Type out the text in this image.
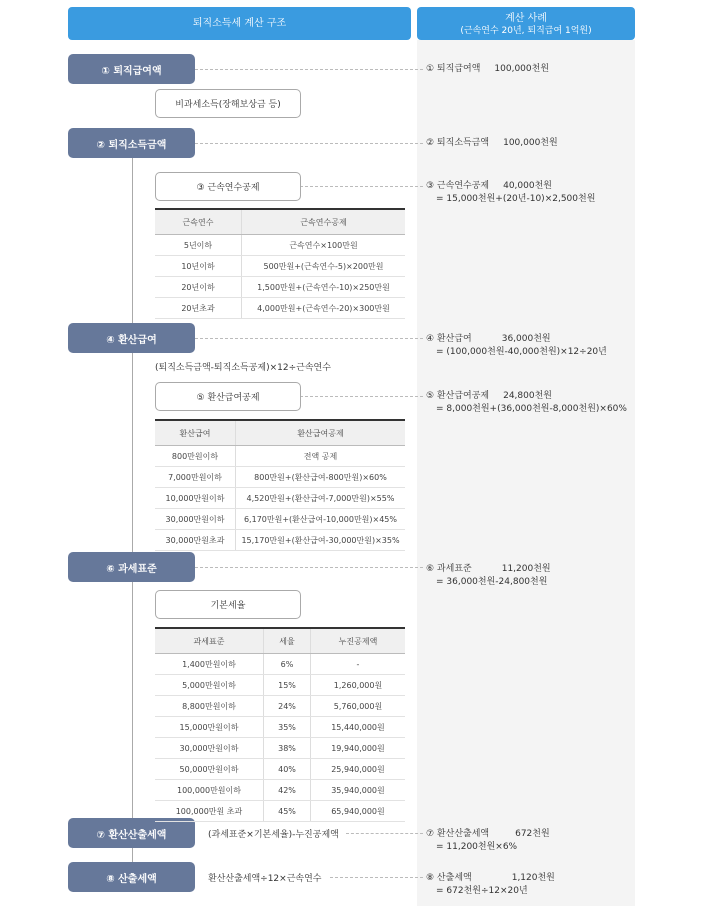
퇴직소득세 계산 구조	계산 사례
(근속연수 20년, 퇴직급여 1억원)
① 퇴직급여액
② 퇴직소득금액
④ 환산급여
⑥ 과세표준
⑦ 환산산출세액
⑧ 산출세액
비과세소득(장해보상금 등)
③ 근속연수공제
⑤ 환산급여공제
기본세율
(퇴직소득금액-퇴직소득공제)×12÷근속연수
(과세표준×기본세율)-누진공제액
환산산출세액÷12×근속연수
근속연수	근속연수공제
5년이하	근속연수×100만원
10년이하	500만원+(근속연수-5)×200만원
20년이하	1,500만원+(근속연수-10)×250만원
20년초과	4,000만원+(근속연수-20)×300만원
환산급여	환산급여공제
800만원이하	전액 공제
7,000만원이하	800만원+(환산급여-800만원)×60%
10,000만원이하	4,520만원+(환산급여-7,000만원)×55%
30,000만원이하	6,170만원+(환산급여-10,000만원)×45%
30,000만원초과	15,170만원+(환산급여-30,000만원)×35%
과세표준	세율	누진공제액
1,400만원이하	6%	-
5,000만원이하	15%	1,260,000원
8,800만원이하	24%	5,760,000원
15,000만원이하	35%	15,440,000원
30,000만원이하	38%	19,940,000원
50,000만원이하	40%	25,940,000원
100,000만원이하	42%	35,940,000원
100,000만원 초과	45%	65,940,000원
① 퇴직급여액 100,000천원
② 퇴직소득금액 100,000천원
③ 근속연수공제 40,000천원
= 15,000천원+(20년-10)×2,500천원
④ 환산급여	36,000천원
= (100,000천원-40,000천원)×12÷20년
⑤ 환산급여공제 24,800천원
= 8,000천원+(36,000천원-8,000천원)×60%
⑥ 과세표준	11,200천원
= 36,000천원-24,800천원
⑦ 환산산출세액	672천원
= 11,200천원×6%
⑧ 산출세액	1,120천원
= 672천원÷12×20년
